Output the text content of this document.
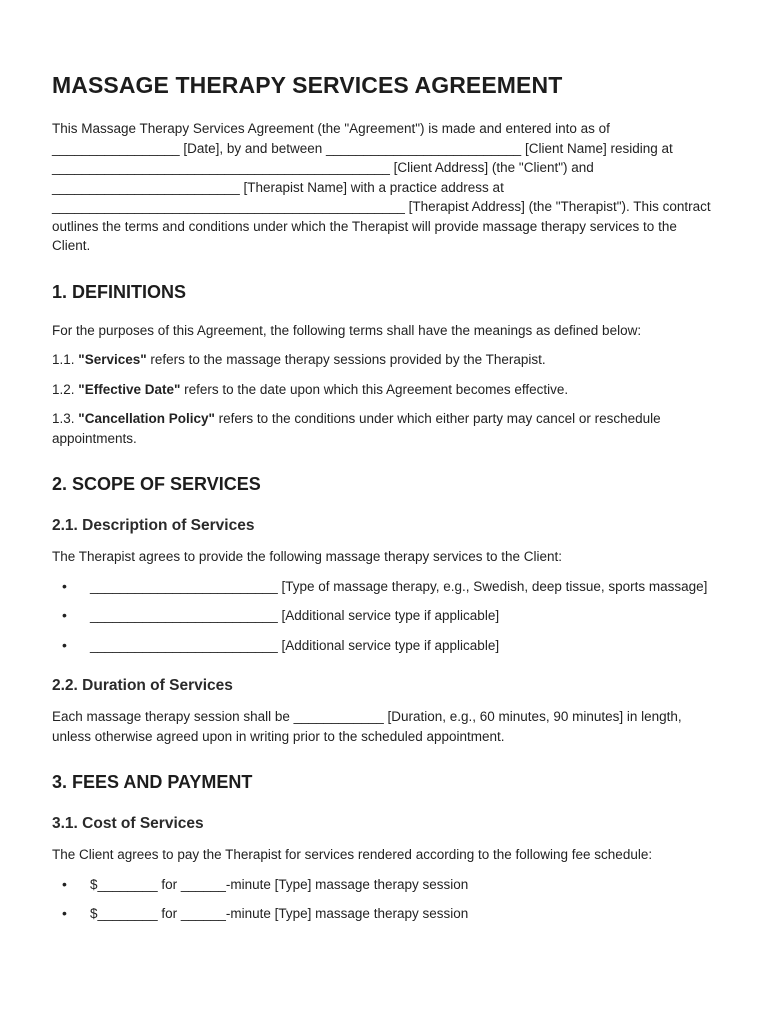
MASSAGE THERAPY SERVICES AGREEMENT

This Massage Therapy Services Agreement (the "Agreement") is made and entered into as of _________________ [Date], by and between __________________________ [Client Name] residing at _____________________________________________ [Client Address] (the "Client") and _________________________ [Therapist Name] with a practice address at _______________________________________________ [Therapist Address] (the "Therapist"). This contract outlines the terms and conditions under which the Therapist will provide massage therapy services to the Client.

1. DEFINITIONS

For the purposes of this Agreement, the following terms shall have the meanings as defined below:

1.1. "Services" refers to the massage therapy sessions provided by the Therapist.

1.2. "Effective Date" refers to the date upon which this Agreement becomes effective.

1.3. "Cancellation Policy" refers to the conditions under which either party may cancel or reschedule appointments.

2. SCOPE OF SERVICES
2.1. Description of Services

The Therapist agrees to provide the following massage therapy services to the Client:

• _________________________ [Type of massage therapy, e.g., Swedish, deep tissue, sports massage]
• _________________________ [Additional service type if applicable]
• _________________________ [Additional service type if applicable]
2.2. Duration of Services

Each massage therapy session shall be ____________ [Duration, e.g., 60 minutes, 90 minutes] in length, unless otherwise agreed upon in writing prior to the scheduled appointment.

3. FEES AND PAYMENT
3.1. Cost of Services

The Client agrees to pay the Therapist for services rendered according to the following fee schedule:

• $________ for ______-minute [Type] massage therapy session
• $________ for ______-minute [Type] massage therapy session
